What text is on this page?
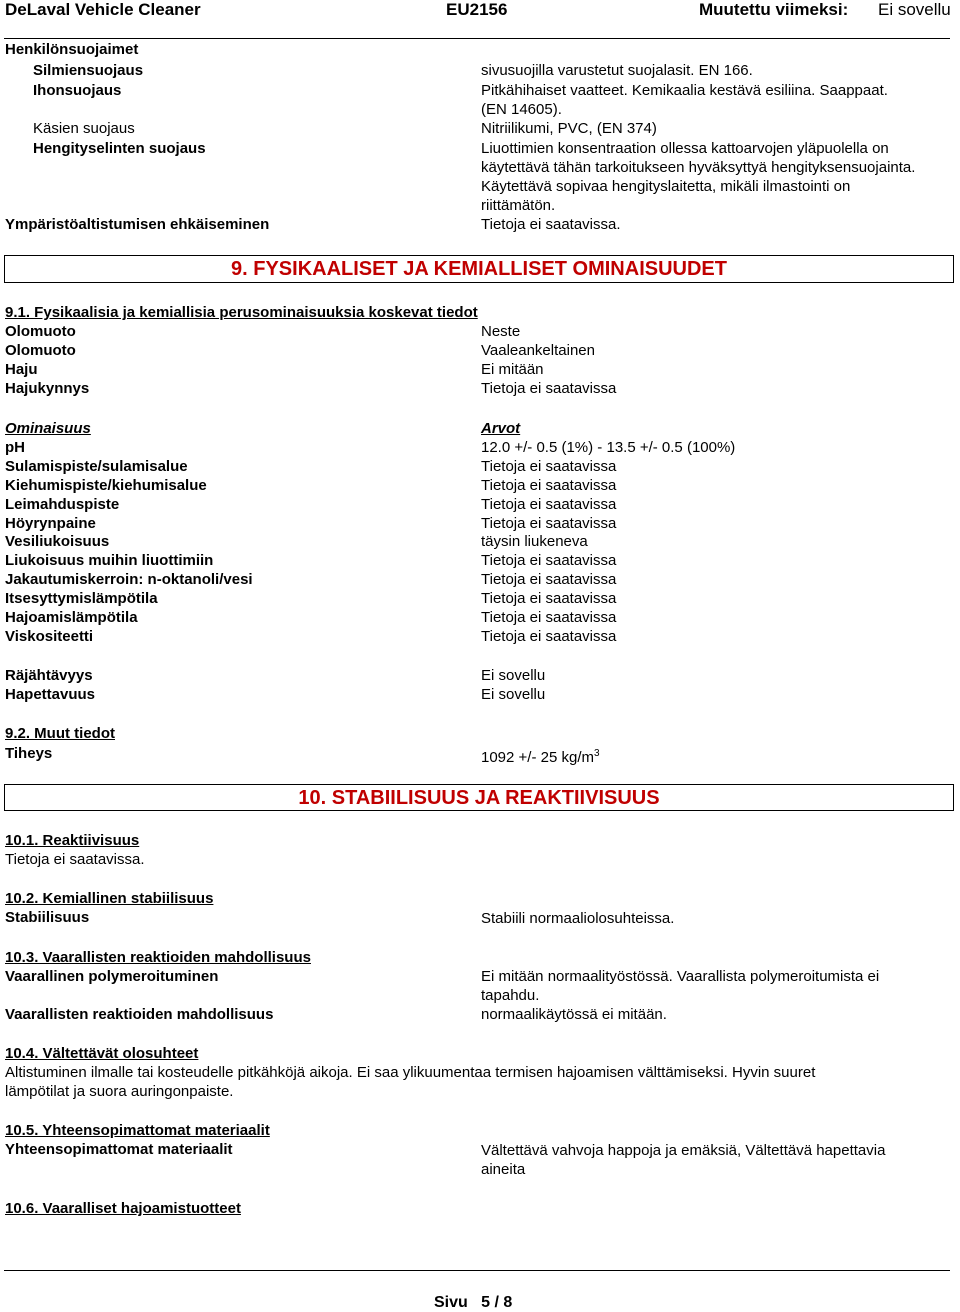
DeLaval Vehicle Cleaner	EU2156	Muutettu viimeksi: Ei sovellu
Henkilönsuojaimet
Silmiensuojaus	sivusuojilla varustetut suojalasit. EN 166.
Ihonsuojaus	Pitkähihaiset vaatteet. Kemikaalia kestävä esiliina. Saappaat.
(EN 14605).
Käsien suojaus	Nitriilikumi, PVC, (EN 374)
Hengityselinten suojaus	Liuottimien konsentraation ollessa kattoarvojen yläpuolella on
käytettävä tähän tarkoitukseen hyväksyttyä hengityksensuojainta.
Käytettävä sopivaa hengityslaitetta, mikäli ilmastointi on
riittämätön.
Ympäristöaltistumisen ehkäiseminen	Tietoja ei saatavissa.
9. FYSIKAALISET JA KEMIALLISET OMINAISUUDET
9.1. Fysikaalisia ja kemiallisia perusominaisuuksia koskevat tiedot
Olomuoto	Neste
Olomuoto	Vaaleankeltainen
Haju	Ei mitään
Hajukynnys	Tietoja ei saatavissa
Ominaisuus	Arvot
pH	12.0 +/- 0.5 (1%) - 13.5 +/- 0.5 (100%)
Sulamispiste/sulamisalue	Tietoja ei saatavissa
Kiehumispiste/kiehumisalue	Tietoja ei saatavissa
Leimahduspiste	Tietoja ei saatavissa
Höyrynpaine	Tietoja ei saatavissa
Vesiliukoisuus	täysin liukeneva
Liukoisuus muihin liuottimiin	Tietoja ei saatavissa
Jakautumiskerroin: n-oktanoli/vesi	Tietoja ei saatavissa
Itsesyttymislämpötila	Tietoja ei saatavissa
Hajoamislämpötila	Tietoja ei saatavissa
Viskositeetti	Tietoja ei saatavissa
Räjähtävyys	Ei sovellu
Hapettavuus	Ei sovellu
9.2. Muut tiedot
Tiheys	1092 +/- 25 $kg/m^3$
10. STABIILISUUS JA REAKTIIVISUUS
10.1. Reaktiivisuus
Tietoja ei saatavissa.
10.2. Kemiallinen stabiilisuus
Stabiilisuus	Stabiili normaaliolosuhteissa.
10.3. Vaarallisten reaktioiden mahdollisuus
Vaarallinen polymeroituminen	Ei mitään normaalityöstössä. Vaarallista polymeroitumista ei
tapahdu.
Vaarallisten reaktioiden mahdollisuus	normaalikäytössä ei mitään.
10.4. Vältettävät olosuhteet
Altistuminen ilmalle tai kosteudelle pitkähköjä aikoja. Ei saa ylikuumentaa termisen hajoamisen välttämiseksi. Hyvin suuret
lämpötilat ja suora auringonpaiste.
10.5. Yhteensopimattomat materiaalit
Yhteensopimattomat materiaalit	Vältettävä vahvoja happoja ja emäksiä, Vältettävä hapettavia
aineita
10.6. Vaaralliset hajoamistuotteet
Sivu   5 / 8
